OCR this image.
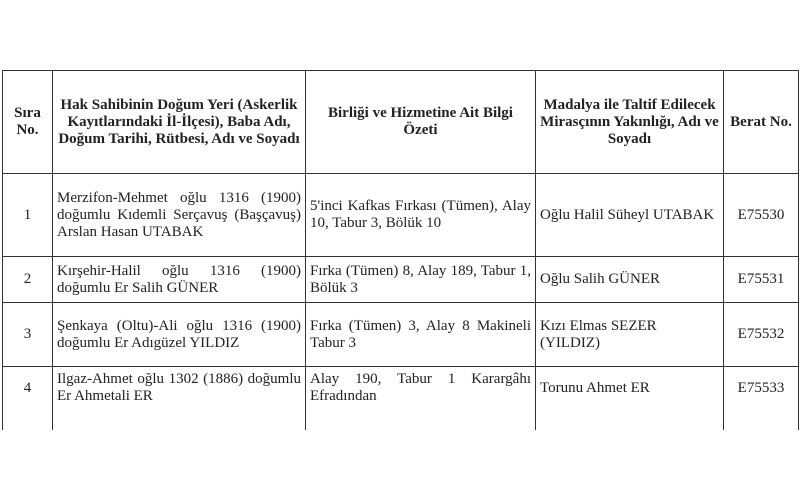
Sıra No.	Hak Sahibinin Doğum Yeri (Askerlik Kayıtlarındaki İl-İlçesi), Baba Adı, Doğum Tarihi, Rütbesi, Adı ve Soyadı	Birliği ve Hizmetine Ait Bilgi Özeti	Madalya ile Taltif Edilecek Mirasçının Yakınlığı, Adı ve Soyadı	Berat No.
1	Merzifon-Mehmet oğlu 1316 (1900) doğumlu Kıdemli Serçavuş (Başçavuş) Arslan Hasan UTABAK	5'inci Kafkas Fırkası (Tümen), Alay 10, Tabur 3, Bölük 10	Oğlu Halil Süheyl UTABAK	E75530
2	Kırşehir-Halil oğlu 1316 (1900) doğumlu Er Salih GÜNER	Fırka (Tümen) 8, Alay 189, Tabur 1, Bölük 3	Oğlu Salih GÜNER	E75531
3	Şenkaya (Oltu)-Ali oğlu 1316 (1900) doğumlu Er Adıgüzel YILDIZ	Fırka (Tümen) 3, Alay 8 Makineli Tabur 3	Kızı Elmas SEZER (YILDIZ)	E75532
4	Ilgaz-Ahmet oğlu 1302 (1886) doğumlu Er Ahmetali ER	Alay 190, Tabur 1 Karargâhı Efradından	Torunu Ahmet ER	E75533
